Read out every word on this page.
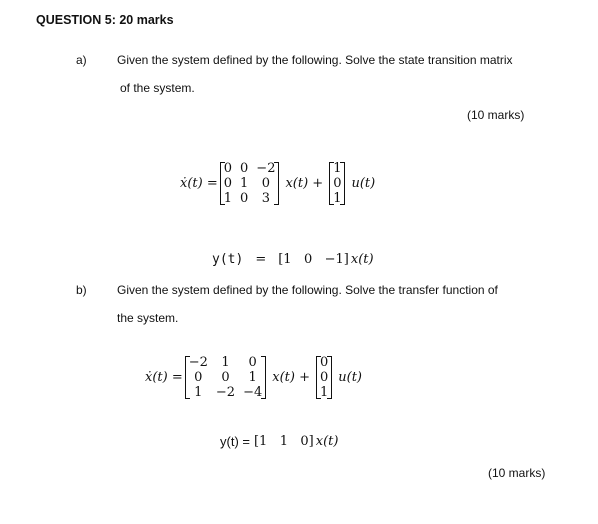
QUESTION 5: 20 marks
a)	Given the system defined by the following. Solve the state transition matrix
of the system.
(10 marks)
ẋ(t) =
0	0	−2
0	1	0
1	0	3
x(t) +
1
0
1
u(t)
y(t) = [1   0   −1] x(t)
b)	Given the system defined by the following. Solve the transfer function of
the system.
ẋ(t) =
−2	1	0
0	0	1
1	−2	−4
x(t) +
0
0
1
u(t)
y(t) = [1   1   0] x(t)
(10 marks)
